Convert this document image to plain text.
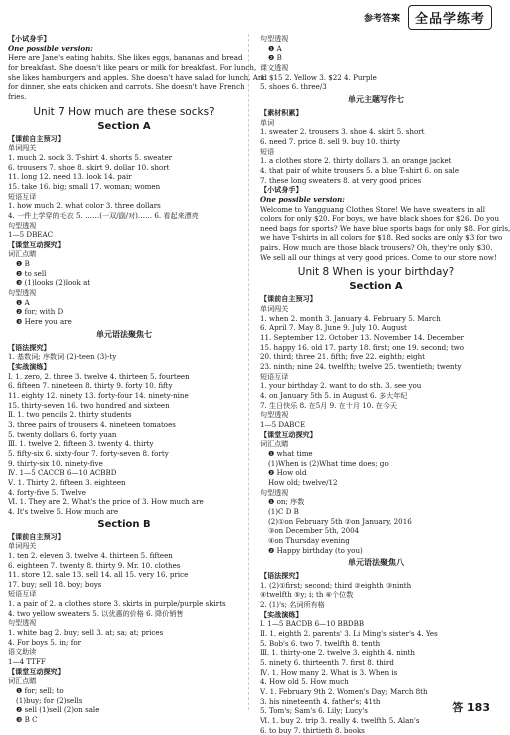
参考答案	全品学练考
【小试身手】
One possible version:
Here are Jane's eating habits. She likes eggs, bananas and bread
for breakfast. She doesn't like pears or milk for breakfast. For lunch,
she likes hamburgers and apples. She doesn't have salad for lunch. And
for dinner, she eats chicken and carrots. She doesn't have French
fries.
Unit 7 How much are these socks?
Section A
【课前自主预习】
单词闯关
1. much 2. sock 3. T-shirt 4. shorts 5. sweater
6. trousers 7. shoe 8. skirt 9. dollar 10. short
11. long 12. need 13. look 14. pair
15. take 16. big; small 17. woman; women
短语互译
1. how much 2. what color 3. three dollars
4. 一件上学穿的毛衣 5. ……(一双/副/对)…… 6. 看起来漂亮
句型透视
1—5 DBEAC
【课堂互动探究】
词汇点睛
❶ B
❷ to sell
❸ (1)looks (2)look at
句型透视
❶ A
❷ for; with D
❸ Here you are
单元语法聚焦七
【语法探究】
1. 基数词; 序数词 (2)-teen (3)-ty
【实战演练】
Ⅰ. 1. zero, 2. three 3. twelve 4. thirteen 5. fourteen
6. fifteen 7. nineteen 8. thirty 9. forty 10. fifty
11. eighty 12. ninety 13. forty-four 14. ninety-nine
15. thirty-seven 16. two hundred and sixteen
Ⅱ. 1. two pencils 2. thirty students
3. three pairs of trousers 4. nineteen tomatoes
5. twenty dollars 6. forty yuan
Ⅲ. 1. twelve 2. fifteen 3. twenty 4. thirty
5. fifty-six 6. sixty-four 7. forty-seven 8. forty
9. thirty-six 10. ninety-five
Ⅳ. 1—5 CACCB 6—10 ACBBD
Ⅴ. 1. Thirty 2. fifteen 3. eighteen
4. forty-five 5. Twelve
Ⅵ. 1. They are 2. What's the price of 3. How much are
4. It's twelve 5. How much are
Section B
【课前自主预习】
单词闯关
1. ten 2. eleven 3. twelve 4. thirteen 5. fifteen
6. eighteen 7. twenty 8. thirty 9. Mr. 10. clothes
11. store 12. sale 13. sell 14. all 15. very 16. price
17. buy; sell 18. boy; boys
短语互译
1. a pair of 2. a clothes store 3. skirts in purple/purple skirts
4. two yellow sweaters 5. 以优惠的价格 6. 降价销售
句型透视
1. white bag 2. buy; sell 3. at; sa; at; prices
4. For boys 5. in; for
语文助读
1—4 TTFF
【课堂互动探究】
词汇点睛
❶ for; sell; to
(1)buy; for (2)sells
❷ sell (1)sell (2)on sale
❸ B C
句型透视
❶ A
❷ B
课文透视
1. $15 2. Yellow 3. $22 4. Purple
5. shoes 6. three/3
单元主题写作七
【素材积累】
单词
1. sweater 2. trousers 3. shoe 4. skirt 5. short
6. need 7. price 8. sell 9. buy 10. thirty
短语
1. a clothes store 2. thirty dollars 3. an orange jacket
4. that pair of white trousers 5. a blue T-shirt 6. on sale
7. these long sweaters 8. at very good prices
【小试身手】
One possible version:
Welcome to Yangguang Clothes Store! We have sweaters in all
colors for only $20. For boys, we have black shoes for $26. Do you
need bags for sports? We have blue sports bags for only $8. For girls,
we have T-shirts in all colors for $18. Red socks are only $3 for two
pairs. How much are those black trousers? Oh, they're only $30.
We sell all our things at very good prices. Come to our store now!
Unit 8 When is your birthday?
Section A
【课前自主预习】
单词闯关
1. when 2. month 3. January 4. February 5. March
6. April 7. May 8. June 9. July 10. August
11. September 12. October 13. November 14. December
15. happy 16. old 17. party 18. first; one 19. second; two
20. third; three 21. fifth; five 22. eighth; eight
23. ninth; nine 24. twelfth; twelve 25. twentieth; twenty
短语互译
1. your birthday 2. want to do sth. 3. see you
4. on January 5th 5. in August 6. 多大年纪
7. 生日快乐 8. 在5月 9. 在十月 10. 在今天
句型透视
1—5 DABCE
【课堂互动探究】
词汇点睛
❶ what time
(1)When is (2)What time does; go
❷ How old
How old; twelve/12
句型透视
❶ on; 序数
(1)C D B
(2)①on February 5th ②on January, 2016
③on December 5th, 2004
④on Thursday evening
❷ Happy birthday (to you)
单元语法聚焦八
【语法探究】
1. (2)①first; second; third ②eighth ③ninth
④twelfth ⑤y; i; th ⑥个位数
2. (1)'s; 名词所有格
【实战演练】
Ⅰ. 1—5 BACDB 6—10 BBDBB
Ⅱ. 1. eighth 2. parents' 3. Li Ming's sister's 4. Yes
5. Bob's 6. two 7. twelfth 8. tenth
Ⅲ. 1. thirty-one 2. twelve 3. eighth 4. ninth
5. ninety 6. thirteenth 7. first 8. third
Ⅳ. 1. How many 2. What is 3. When is
4. How old 5. How much
Ⅴ. 1. February 9th 2. Women's Day; March 8th
3. his nineteenth 4. father's; 41th
5. Tom's; Sam's 6. Lily; Lucy's
Ⅵ. 1. buy 2. trip 3. really 4. twelfth 5. Alan's
6. to buy 7. thirtieth 8. books
答 183
